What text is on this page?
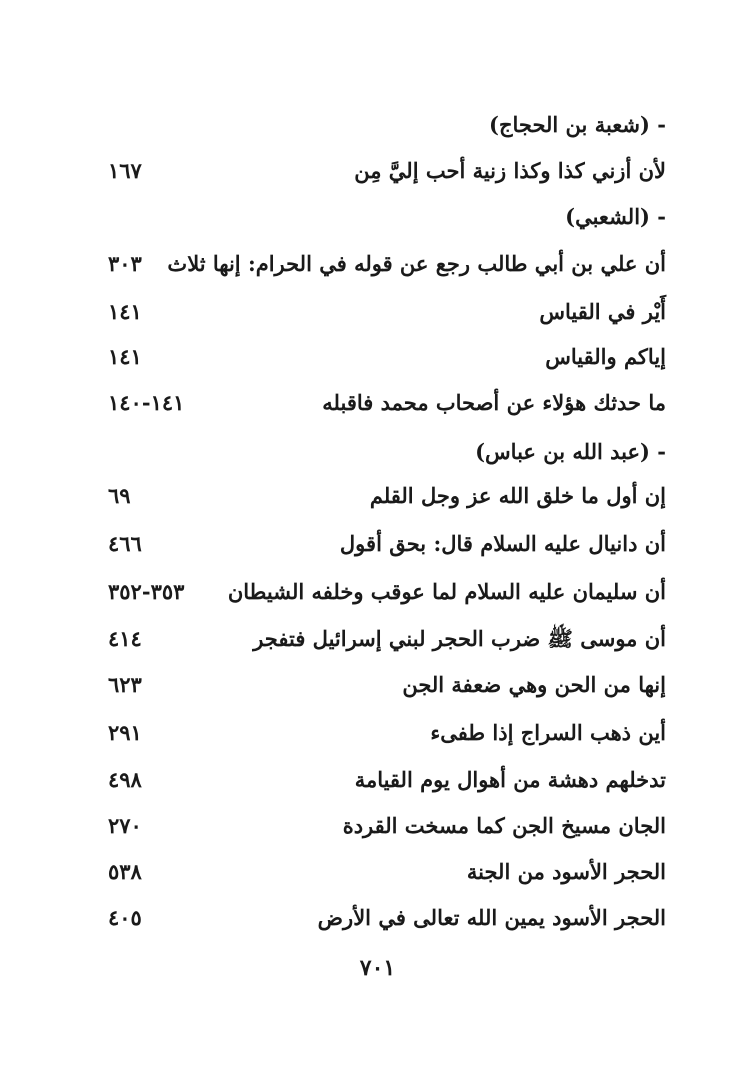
- (شعبة بن الحجاج)
لأن أزني كذا وكذا زنية أحب إليَّ مِن
١٦٧
- (الشعبي)
أن علي بن أبي طالب رجع عن قوله في الحرام: إنها ثلاث
٣٠٣
أَيْر في القياس
١٤١
إياكم والقياس
١٤١
ما حدثك هؤلاء عن أصحاب محمد فاقبله
١٤١-١٤٠
- (عبد الله بن عباس)
إن أول ما خلق الله عز وجل القلم
٦٩
أن دانيال عليه السلام قال: بحق أقول
٤٦٦
أن سليمان عليه السلام لما عوقب وخلفه الشيطان
٣٥٣-٣٥٢
أن موسى ﷺ ضرب الحجر لبني إسرائيل فتفجر
٤١٤
إنها من الحن وهي ضعفة الجن
٦٢٣
أين ذهب السراج إذا طفىء
٢٩١
تدخلهم دهشة من أهوال يوم القيامة
٤٩٨
الجان مسيخ الجن كما مسخت القردة
٢٧٠
الحجر الأسود من الجنة
٥٣٨
الحجر الأسود يمين الله تعالى في الأرض
٤٠٥
٧٠١
